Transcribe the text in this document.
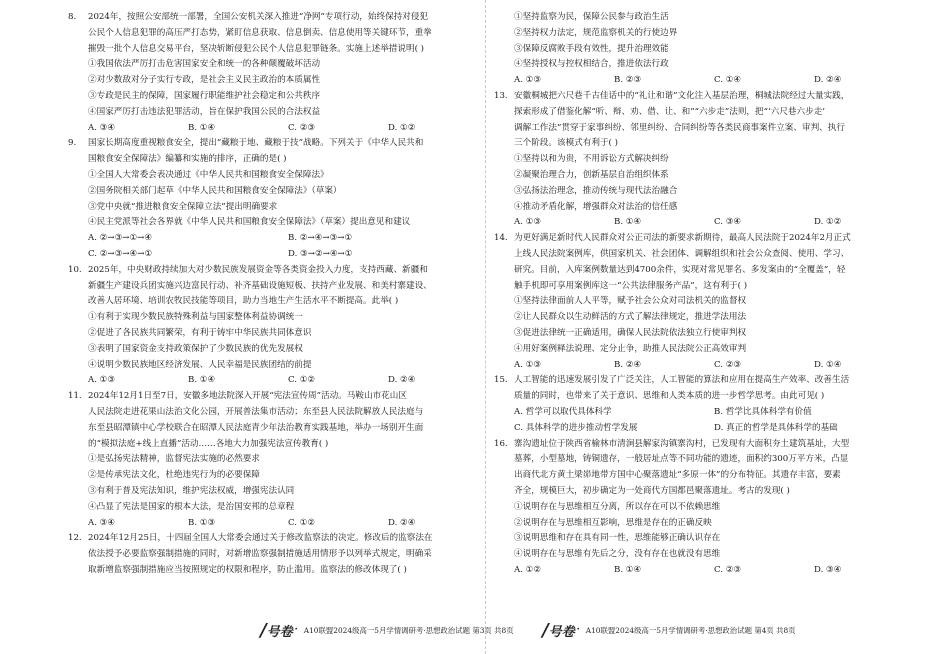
8. 2024年，按照公安部统一部署，全国公安机关深入推进“净网”专项行动，始终保持对侵犯
公民个人信息犯罪的高压严打态势，紧盯信息获取、信息倒卖、信息使用等关键环节，重拳
摧毁一批个人信息交易平台，坚决斩断侵犯公民个人信息犯罪链条。实施上述举措说明( )
①我国依法严厉打击危害国家安全和统一的各种颠覆破坏活动
②对少数敌对分子实行专政，是社会主义民主政治的本质属性
③专政是民主的保障，国家履行职能维护社会稳定和公共秩序
④国家严厉打击违法犯罪活动，旨在保护我国公民的合法权益
A. ③④	B. ①④	C. ②③	D. ①②
9. 国家长期高度重视粮食安全，提出“藏粮于地、藏粮于技”战略。下列关于《中华人民共和
国粮食安全保障法》编纂和实施的排序，正确的是( )
①全国人大常委会表决通过《中华人民共和国粮食安全保障法》
②国务院相关部门起草《中华人民共和国粮食安全保障法》（草案）
③党中央就“推进粮食安全保障立法”提出明确要求
④民主党派等社会各界就《中华人民共和国粮食安全保障法》（草案）提出意见和建议
A. ②→③→①→④	B. ②→④→③→①
C. ②→③→④→①	D. ③→②→④→①
10. 2025年，中央财政持续加大对少数民族发展资金等各类资金投入力度，支持西藏、新疆和
新疆生产建设兵团实施兴边富民行动、补齐基础设施短板、扶持产业发展、和美村寨建设、
改善人居环境、培训农牧民技能等项目，助力当地生产生活水平不断提高。此举( )
①有利于实现少数民族特殊利益与国家整体利益协调统一
②促进了各民族共同繁荣，有利于铸牢中华民族共同体意识
③表明了国家资金支持政策保护了少数民族的优先发展权
④说明少数民族地区经济发展、人民幸福是民族团结的前提
A. ①③	B. ①④	C. ①②	D. ②④
11. 2024年12月1日至7日，安徽多地法院深入开展“宪法宣传周”活动。马鞍山市花山区
人民法院走进花果山法治文化公园，开展普法集市活动；东至县人民法院解放人民法庭与
东至县昭潭镇中心学校联合在昭潭人民法庭青少年法治教育实践基地，举办一场别开生面
的“模拟法庭+线上直播”活动……各地大力加强宪法宣传教育( )
①是弘扬宪法精神，监督宪法实施的必然要求
②是传承宪法文化，杜绝违宪行为的必要保障
③有利于普及宪法知识，维护宪法权威，增强宪法认同
④凸显了宪法是国家的根本大法，是治国安邦的总章程
A. ③④	B. ①③	C. ①②	D. ②④
12. 2024年12月25日，十四届全国人大常委会通过关于修改监察法的决定。修改后的监察法在
依法授予必要监察强制措施的同时，对新增监察强制措施适用情形予以列举式规定，明确采
取新增监察强制措施应当按照规定的权限和程序，防止滥用。监察法的修改体现了( )
①坚持监察为民，保障公民参与政治生活
②坚持权力法定，规范监察机关的行使边界
③保障反腐败手段有效性，提升治理效能
④坚持授权与控权相结合，推进依法行政
A. ①③	B. ②③	C. ①④	D. ②④
13. 安徽桐城把六尺巷千古佳话中的“礼让和谐”文化注入基层治理，桐城法院经过大量实践，
探索形成了借鉴化解“听、辩、劝、借、让、和”“六步走”法则，把“‘六尺巷六步走’
调解工作法”贯穿于家事纠纷、邻里纠纷、合同纠纷等各类民商事案件立案、审判、执行
三个阶段。该模式有利于( )
①坚持以和为贵，不用诉讼方式解决纠纷
②凝聚治理合力，创新基层自治组织体系
③弘扬法治理念，推动传统与现代法治融合
④推动矛盾化解，增强群众对法治的信任感
A. ①③	B. ①④	C. ③④	D. ①②
14. 为更好满足新时代人民群众对公正司法的新要求新期待，最高人民法院于2024年2月正式
上线人民法院案例库，供国家机关、社会团体、调解组织和社会公众查阅、使用、学习、
研究。目前，入库案例数量达到4700余件，实现对常见罪名、多发案由的“全覆盖”，轻
触手机即可享用案例库这一“公共法律服务产品”，这有利于( )
①坚持法律面前人人平等，赋予社会公众对司法机关的监督权
②让人民群众以生动鲜活的方式了解法律规定，推进学法用法
③促进法律统一正确适用，确保人民法院依法独立行使审判权
④用好案例释法说理、定分止争，助推人民法院公正高效审判
A. ①③	B. ②④	C. ②③	D. ①④
15. 人工智能的迅速发展引发了广泛关注，人工智能的算法和应用在提高生产效率、改善生活
质量的同时，也带来了关于意识、思维和人类本质的进一步哲学思考。由此可见( )
A. 哲学可以取代具体科学	B. 哲学比具体科学有价值
C. 具体科学的进步推动哲学发展	D. 真正的哲学是具体科学的基础
16. 寨沟遗址位于陕西省榆林市清涧县解家沟镇寨沟村，已发现有大面积夯土建筑基址，大型
墓葬，小型墓地，铸铜遗存，一般居址点等不同功能的遗迹，面积约300万平方米，凸显
出商代北方黄土梁峁地带方国中心聚落遗址“多原一体”的分布特征。其遗存丰富，要素
齐全，规模巨大，初步确定为一处商代方国都邑聚落遗址。考古的发现( )
①说明存在与思维相互分离，所以存在可以不依赖思维
②说明存在与思维相互影响，思维是存在的正确反映
③说明思维和存在具有同一性，思维能够正确认识存在
④说明存在与思维有先后之分，没有存在也就没有思维
A. ①②	B. ①④	C. ②③	D. ③④
/ 号卷 · A10联盟2024级高一5月学情调研考·思想政治试题 第3页 共8页 / 号卷 · A10联盟2024级高一5月学情调研考·思想政治试题 第4页 共8页
